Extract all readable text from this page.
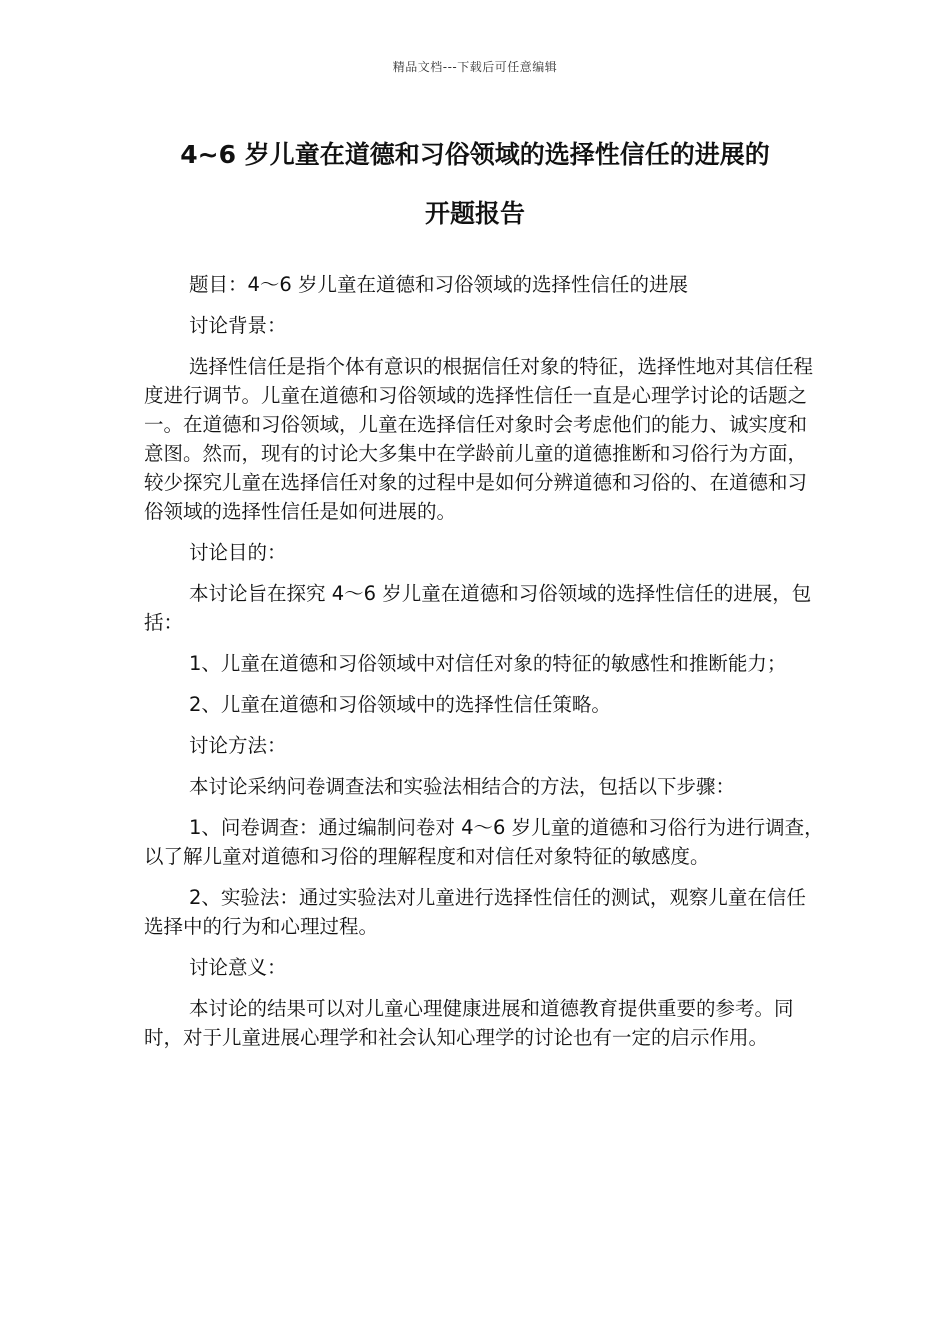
精品文档---下载后可任意编辑
4~6 岁儿童在道德和习俗领域的选择性信任的进展的
开题报告

题目：4～6 岁儿童在道德和习俗领域的选择性信任的进展

讨论背景：

选择性信任是指个体有意识的根据信任对象的特征，选择性地对其信任程度进行调节。儿童在道德和习俗领域的选择性信任一直是心理学讨论的话题之一。在道德和习俗领域，儿童在选择信任对象时会考虑他们的能力、诚实度和意图。然而，现有的讨论大多集中在学龄前儿童的道德推断和习俗行为方面，较少探究儿童在选择信任对象的过程中是如何分辨道德和习俗的、在道德和习俗领域的选择性信任是如何进展的。

讨论目的：

本讨论旨在探究 4～6 岁儿童在道德和习俗领域的选择性信任的进展，包括：

1、儿童在道德和习俗领域中对信任对象的特征的敏感性和推断能力；

2、儿童在道德和习俗领域中的选择性信任策略。

讨论方法：

本讨论采纳问卷调查法和实验法相结合的方法，包括以下步骤：

1、问卷调查：通过编制问卷对 4～6 岁儿童的道德和习俗行为进行调查，以了解儿童对道德和习俗的理解程度和对信任对象特征的敏感度。

2、实验法：通过实验法对儿童进行选择性信任的测试，观察儿童在信任选择中的行为和心理过程。

讨论意义：

本讨论的结果可以对儿童心理健康进展和道德教育提供重要的参考。同时，对于儿童进展心理学和社会认知心理学的讨论也有一定的启示作用。
